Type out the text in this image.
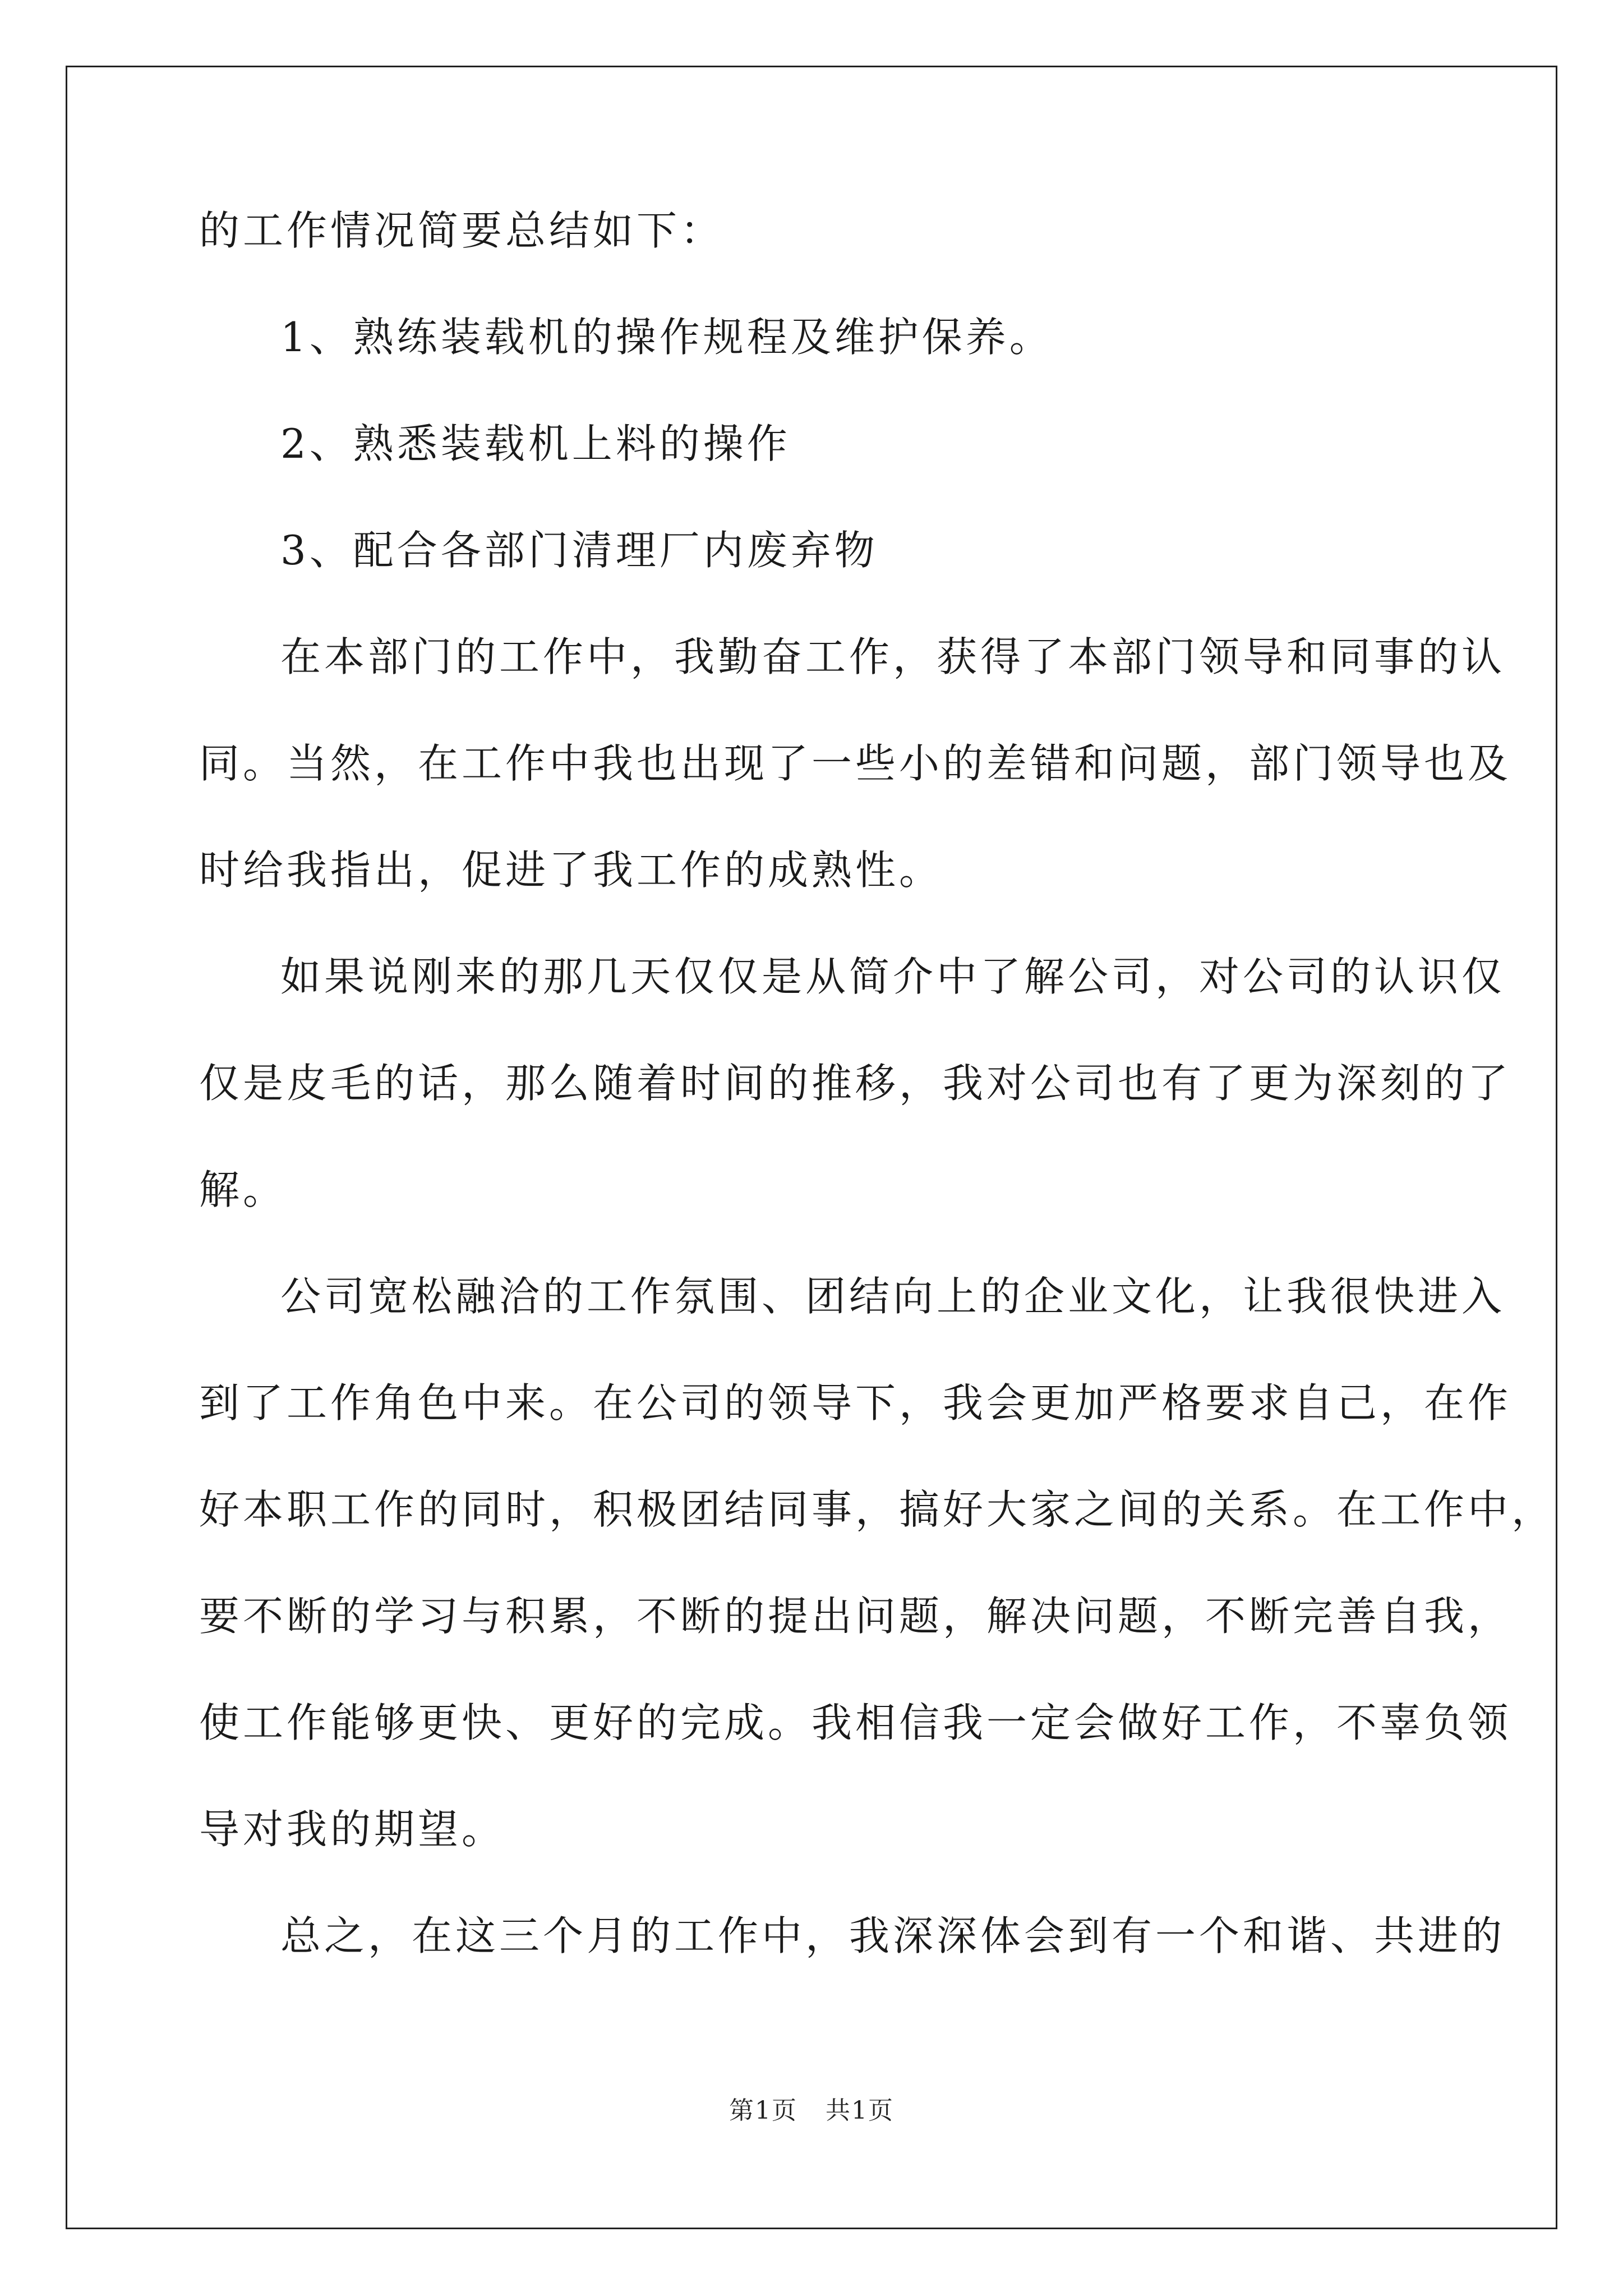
的工作情况简要总结如下：
1、熟练装载机的操作规程及维护保养。
2、熟悉装载机上料的操作
3、配合各部门清理厂内废弃物
在本部门的工作中，我勤奋工作，获得了本部门领导和同事的认
同。当然，在工作中我也出现了一些小的差错和问题，部门领导也及
时给我指出，促进了我工作的成熟性。
如果说刚来的那几天仅仅是从简介中了解公司，对公司的认识仅
仅是皮毛的话，那么随着时间的推移，我对公司也有了更为深刻的了
解。
公司宽松融洽的工作氛围、团结向上的企业文化，让我很快进入
到了工作角色中来。在公司的领导下，我会更加严格要求自己，在作
好本职工作的同时，积极团结同事，搞好大家之间的关系。在工作中，
要不断的学习与积累，不断的提出问题，解决问题，不断完善自我，
使工作能够更快、更好的完成。我相信我一定会做好工作，不辜负领
导对我的期望。
总之，在这三个月的工作中，我深深体会到有一个和谐、共进的
第1页 共1页
